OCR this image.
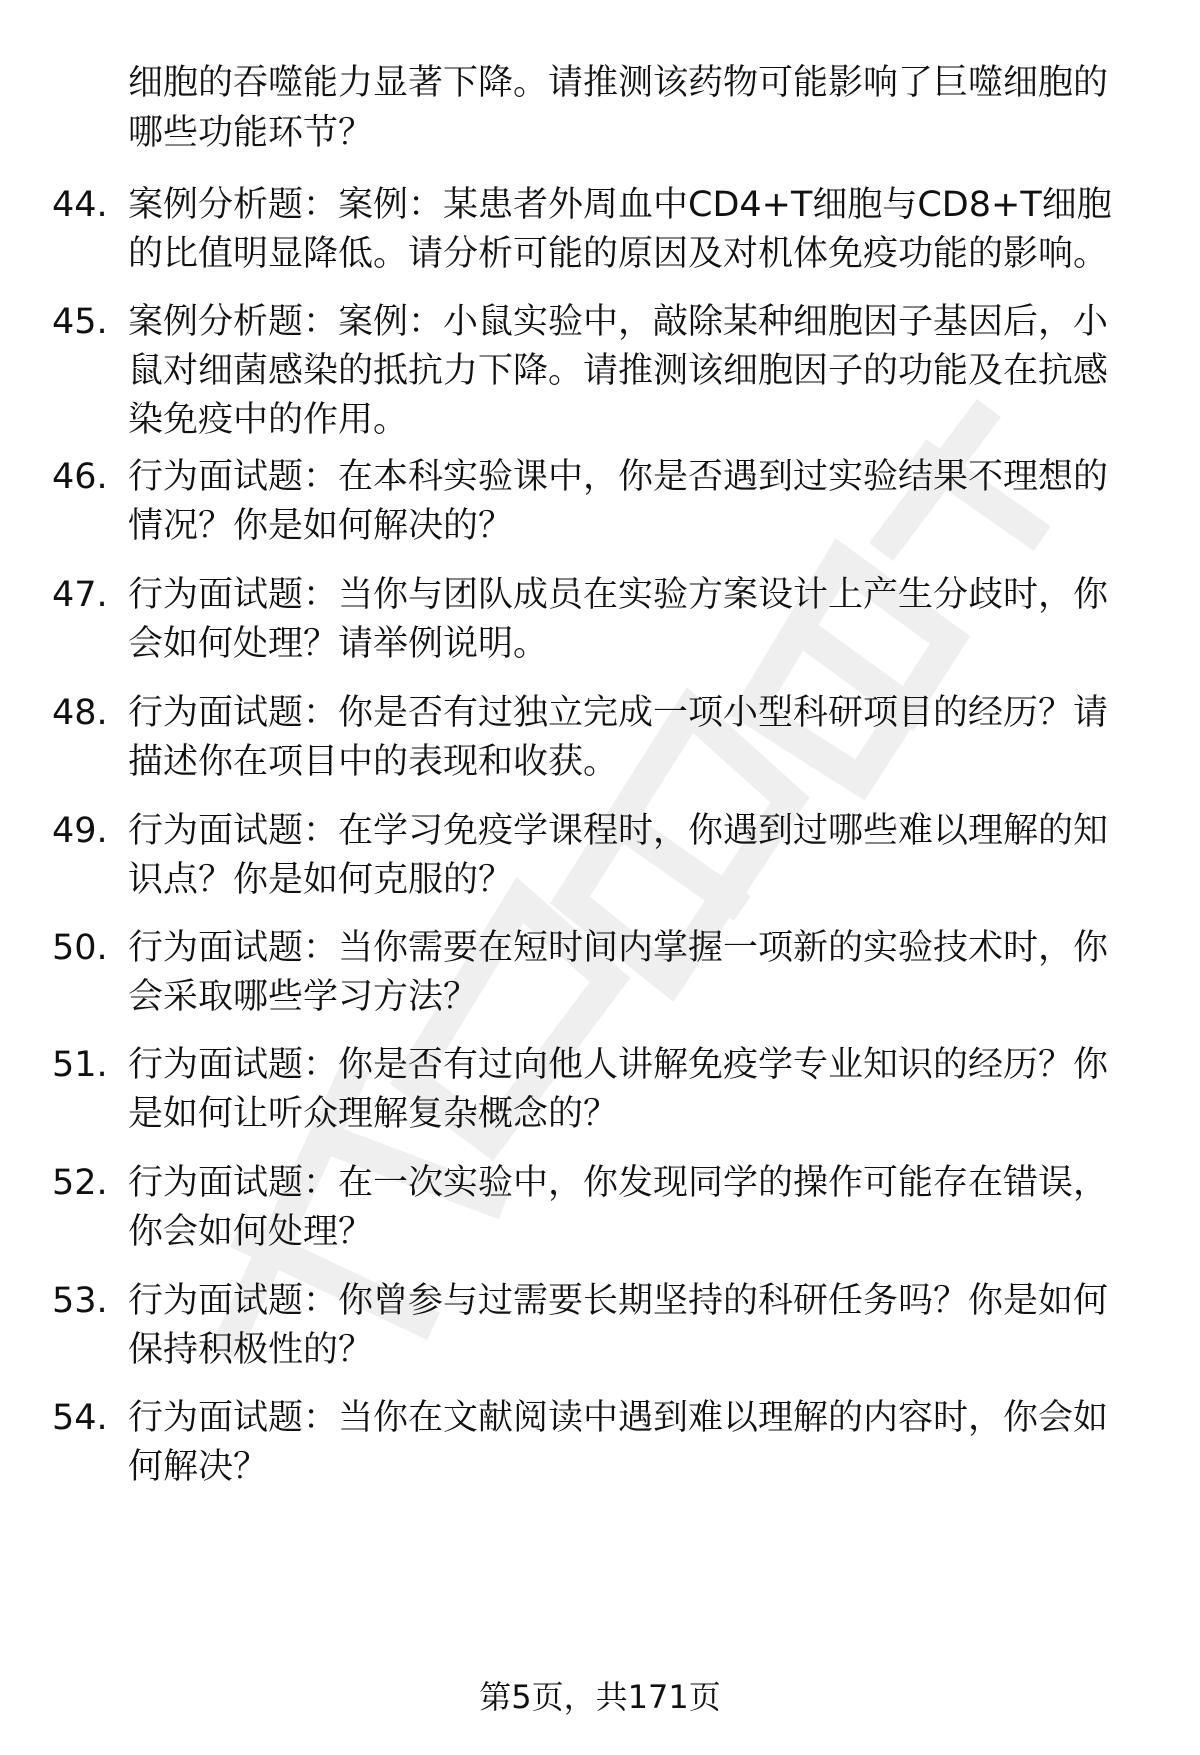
细胞的吞噬能力显著下降。请推测该药物可能影响了巨噬细胞的
哪些功能环节？
44. 案例分析题：案例：某患者外周血中CD4+T细胞与CD8+T细胞
的比值明显降低。请分析可能的原因及对机体免疫功能的影响。
45. 案例分析题：案例：小鼠实验中，敲除某种细胞因子基因后，小
鼠对细菌感染的抵抗力下降。请推测该细胞因子的功能及在抗感
染免疫中的作用。
46. 行为面试题：在本科实验课中，你是否遇到过实验结果不理想的
情况？你是如何解决的？
47. 行为面试题：当你与团队成员在实验方案设计上产生分歧时，你
会如何处理？请举例说明。
48. 行为面试题：你是否有过独立完成一项小型科研项目的经历？请
描述你在项目中的表现和收获。
49. 行为面试题：在学习免疫学课程时，你遇到过哪些难以理解的知
识点？你是如何克服的？
50. 行为面试题：当你需要在短时间内掌握一项新的实验技术时，你
会采取哪些学习方法？
51. 行为面试题：你是否有过向他人讲解免疫学专业知识的经历？你
是如何让听众理解复杂概念的？
52. 行为面试题：在一次实验中，你发现同学的操作可能存在错误，
你会如何处理？
53. 行为面试题：你曾参与过需要长期坚持的科研任务吗？你是如何
保持积极性的？
54. 行为面试题：当你在文献阅读中遇到难以理解的内容时，你会如
何解决？
第5页，共171页
